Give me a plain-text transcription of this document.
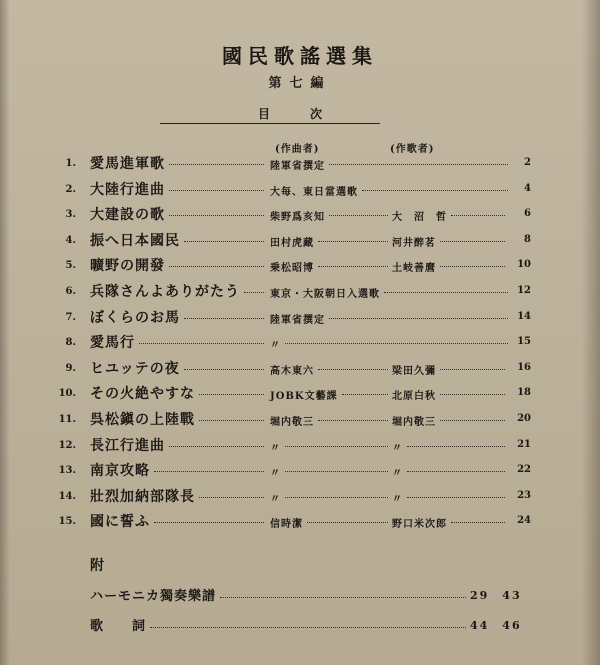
國民歌謠選集
第七編
目次
(作曲者)	(作歌者)
1. 愛馬進軍歌	陸軍省撰定	2
2. 大陸行進曲	大每、東日當選歌	4
3. 大建設の歌	柴野爲亥知	大　沼　哲	6
4. 振へ日本國民	田村虎藏	河井醉茗	8
5. 曠野の開發	乗松昭博	土岐善麿	10
6. 兵隊さんよありがたう	東京・大阪朝日入選歌	12
7. ぼくらのお馬	陸軍省撰定	14
8. 愛馬行	〃	15
9. ヒユッテの夜	高木東六	梁田久彌	16
10. その火絶やすな	JOBK文藝課	北原白秋	18
11. 呉松鎭の上陸戰	堀内敬三	堀内敬三	20
12. 長江行進曲	〃	〃	21
13. 南京攻略	〃	〃	22
14. 壯烈加納部隊長	〃	〃	23
15. 國に誓ふ	信時潔	野口米次郎	24
附
ハーモニカ獨奏樂譜	29　43
歌　　詞	44　46
